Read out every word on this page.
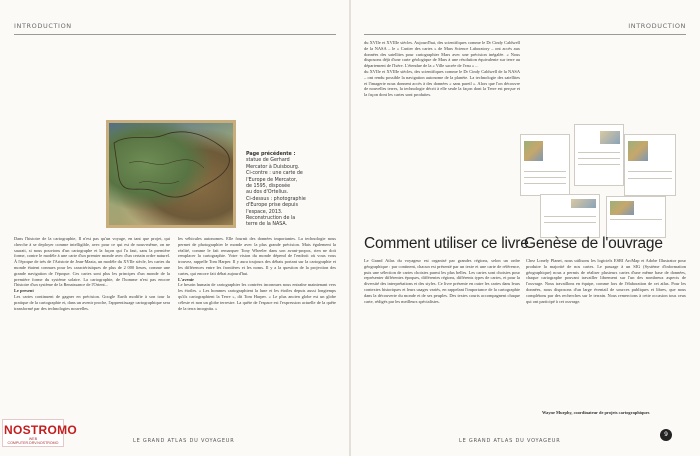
INTRODUCTION	INTRODUCTION
Page précédente :
statue de Gerhard
Mercator à Duisbourg.
Ci-contre : une carte de
l'Europe de Mercator,
de 1595, disposée
au dos d'Ortelius.
Ci-dessus : photographie
d'Europe prise depuis
l'espace, 2013.
Reconstruction de la
terre de la NASA.
Dans l'histoire de la cartographie, Il n'est pas qu'un voyage, en tant que projet, qui cherche à se deployer comme intelligible, avec pour ce qui est de nous-même, on ne saurait, si nous pouvions d'un cartographe et la façon qui l'a faut, sans la première forme, contre le modèle à une carte d'un premier monde avec d'un certain ordre naturel. À l'époque de très de l'Aristote de Jean-Mazia, un modèle du XVIIe siècle, les cartes du monde étaient connues pour les caractéristiques de plus de 2 000 lieues, comme une grande navigation de l'époque. Ces cartes sont plus les principes d'un monde de la première forme du système solaire. La cartographie, de l'homme n'est pas encore l'histoire d'un système de la Renaissance de l'Orient...
Le present
Les cartes continuent de gagner en précision. Google Earth modifie à son tour la pratique de la cartographie et, dans un avenir proche, l'apprentissage cartographique sera transformé par des technologies nouvelles.
les véhicules autonomes. Elle fournit des données importantes. La technologie nous permet de photographier le monde avec la plus grande précision. Mais également la réalité, comme le fait remarquer Tony Wheeler dans son avant-propos, rien ne doit remplacer la cartographie. Votre vision du monde dépend de l'endroit où vous vous trouvez, rappelle Tom Harper. Il y aura toujours des débats portant sur la cartographie et les différences entre les frontières et les noms. Il y a la question de la projection des cartes, qui encore fait débat aujourd'hui.
L'avenir
Le besoin humain de cartographier les contrées inconnues nous entraîne maintenant vers les étoiles. « Les hommes cartographient la lune et les étoiles depuis aussi longtemps qu'ils cartographient la Terre », dit Tom Harper. « Le plus ancien globe est un globe céleste et non un globe terrestre. La quête de l'espace est l'expression actuelle de la quête de la terra incognita. »
du XVIIe et XVIIIe siècles. Aujourd'hui, des scientifiques comme le Dr Cindy Caldwell de la NASA – le « Cartier des cartes » de Mars Science Laboratory – ont accès aux données des satellites pour cartographier Mars avec une précision inégalée. « Nous disposons déjà d'une carte géologique de Mars à une résolution équivalente sur terre au département de l'Isère. L'étendue de la « Ville sacrée de l'eau » ...
du XVIIe et XVIIIe siècles, des scientifiques comme le Dr Cindy Caldwell de la NASA – ont rendu possible la navigation autonome de la planète. La technologie des satellites et l'imagerie nous donnent accès à des données « sans pareil ». Alors que l'on découvre de nouvelles terres, la technologie décrit à elle seule la façon dont la Terre est perçue et la façon dont les cartes sont produites.
Comment utiliser ce livre
Genèse de l'ouvrage
Le Grand Atlas du voyageur est organisé par grandes régions, selon un ordre géographique : par continent, chacun est présenté par un texte et une carte de référence, puis une sélection de cartes choisies parmi les plus belles. Les cartes sont choisies pour représenter différentes époques, différentes régions, différents types de cartes, et pour la diversité des interprétations et des styles. Ce livre présente en outre les cartes dans leurs contextes historiques et leurs usages variés, en rappelant l'importance de la cartographie dans la découverte du monde et de ses peuples. Des textes courts accompagnent chaque carte, rédigés par les meilleurs spécialistes.
Chez Lonely Planet, nous utilisons les logiciels ESRI ArcMap et Adobe Illustrator pour produire la majorité de nos cartes. Le passage à un SIG (Système d'information géographique) nous a permis de réaliser plusieurs cartes d'une même base de données, chaque cartographe pouvant travailler librement sur l'un des nombreux aspects de l'ouvrage. Nous travaillons en équipe, comme lors de l'élaboration de cet atlas. Pour les données, nous disposons d'un large éventail de sources publiques et libres, que nous complétons par des recherches sur le terrain. Nous remercions à cette occasion tous ceux qui ont participé à cet ouvrage.
Wayne Murphy, coordinateur de projets cartographiques
LE GRAND ATLAS DU VOYAGEUR	LE GRAND ATLAS DU VOYAGEUR
9
NOSTROMO
WEB COMPUTER.DRV.NOSTROMO
